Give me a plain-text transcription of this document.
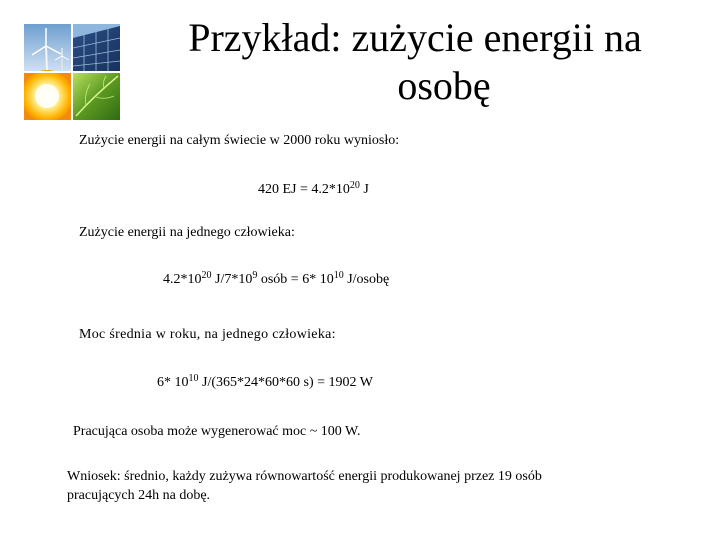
Przykład: zużycie energii na
osobę
Zużycie energii na całym świecie w 2000 roku wyniosło:
420 EJ = $4.2*10^{20}$ J
Zużycie energii na jednego człowieka:
$4.2*10^{20}$ $J/7*10^9$ osób = 6* $10^{10}$ J/osobę
Moc średnia w roku, na jednego człowieka:
6* $10^{10}$ J/(365*24*60*60 s) = 1902 W
Pracująca osoba może wygenerować moc ~ 100 W.
Wniosek: średnio, każdy zużywa równowartość energii produkowanej przez 19 osób
pracujących 24h na dobę.
